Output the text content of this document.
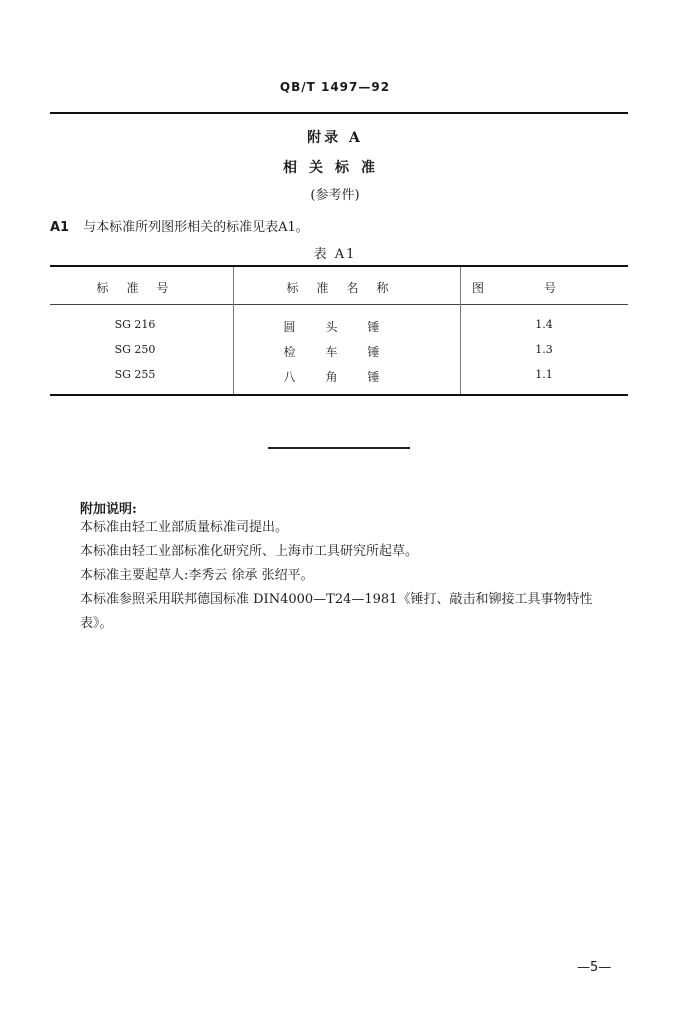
QB/T 1497—92
附录 A
相关标准
(参考件)
A1 与本标准所列图形相关的标准见表A1。
表 A1
标准号	标准名称	图号
SG 216	圆头锤	1.4
SG 250	检车锤	1.3
SG 255	八角锤	1.1
附加说明:
本标准由轻工业部质量标准司提出。
本标准由轻工业部标准化研究所、上海市工具研究所起草。
本标准主要起草人:李秀云 徐承 张绍平。
本标准参照采用联邦德国标准 DIN4000—T24—1981《锤打、敲击和铆接工具事物特性
表》。
—5—
